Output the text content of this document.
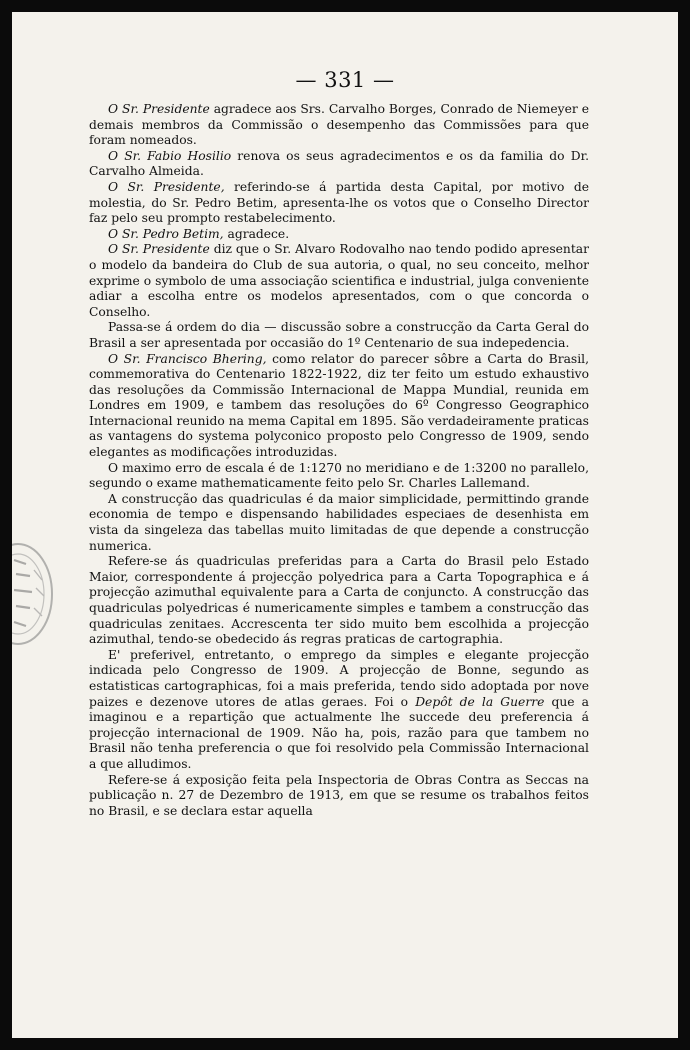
— 331 —

O Sr. Presidente agradece aos Srs. Carvalho Borges, Conrado de Niemeyer e demais membros da Commissão o desempenho das Commissões para que foram nomeados.

O Sr. Fabio Hosilio renova os seus agradecimentos e os da familia do Dr. Carvalho Almeida.

O Sr. Presidente, referindo-se á partida desta Capital, por motivo de molestia, do Sr. Pedro Betim, apresenta-lhe os votos que o Conselho Director faz pelo seu prompto restabelecimento.

O Sr. Pedro Betim, agradece.

O Sr. Presidente diz que o Sr. Alvaro Rodovalho nao tendo podido apresentar o modelo da bandeira do Club de sua autoria, o qual, no seu conceito, melhor exprime o symbolo de uma associação scientifica e industrial, julga conveniente adiar a escolha entre os modelos apresentados, com o que concorda o Conselho.

Passa-se á ordem do dia — discussão sobre a construcção da Carta Geral do Brasil a ser apresentada por occasião do 1º Centenario de sua indepedencia.

O Sr. Francisco Bhering, como relator do parecer sôbre a Carta do Brasil, commemorativa do Centenario 1822-1922, diz ter feito um estudo exhaustivo das resoluções da Commissão Internacional de Mappa Mundial, reunida em Londres em 1909, e tambem das resoluções do 6º Congresso Geographico Internacional reunido na mema Capital em 1895. São verdadeiramente praticas as vantagens do systema polyconico proposto pelo Congresso de 1909, sendo elegantes as modificações introduzidas.

O maximo erro de escala é de 1:1270 no meridiano e de 1:3200 no parallelo, segundo o exame mathematicamente feito pelo Sr. Charles Lallemand.

A construcção das quadriculas é da maior simplicidade, permittindo grande economia de tempo e dispensando habilidades especiaes de desenhista em vista da singeleza das tabellas muito limitadas de que depende a construcção numerica.

Refere-se ás quadriculas preferidas para a Carta do Brasil pelo Estado Maior, correspondente á projecção polyedrica para a Carta Topographica e á projecção azimuthal equivalente para a Carta de conjuncto. A construcção das quadriculas polyedricas é numericamente simples e tambem a construcção das quadriculas zenitaes. Accrescenta ter sido muito bem escolhida a projecção azimuthal, tendo-se obedecido ás regras praticas de cartographia.

E' preferivel, entretanto, o emprego da simples e elegante projecção indicada pelo Congresso de 1909. A projecção de Bonne, segundo as estatisticas cartographicas, foi a mais preferida, tendo sido adoptada por nove paizes e dezenove utores de atlas geraes. Foi o Depôt de la Guerre que a imaginou e a repartição que actualmente lhe succede deu preferencia á projecção internacional de 1909. Não ha, pois, razão para que tambem no Brasil não tenha preferencia o que foi resolvido pela Commissão Internacional a que alludimos.

Refere-se á exposição feita pela Inspectoria de Obras Contra as Seccas na publicação n. 27 de Dezembro de 1913, em que se resume os trabalhos feitos no Brasil, e se declara estar aquella
